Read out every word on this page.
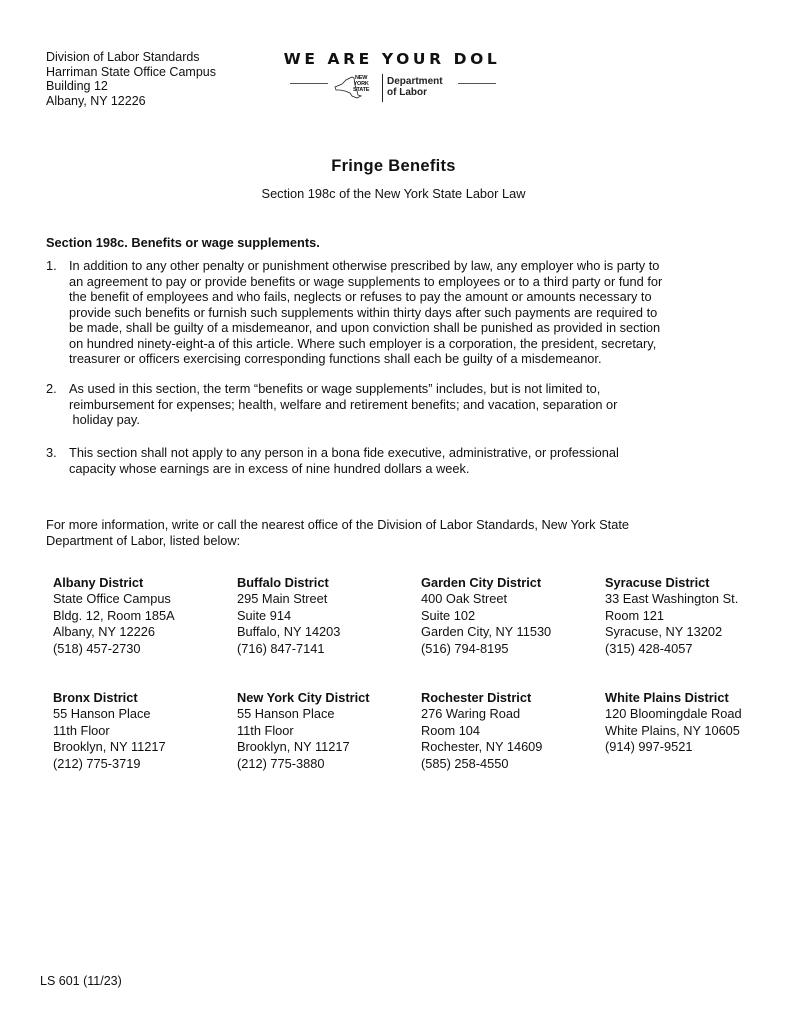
Division of Labor Standards
Harriman State Office Campus
Building 12
Albany, NY 12226
WE ARE YOUR DOL
NEW
YORK
STATE
Department
of Labor
Fringe Benefits
Section 198c of the New York State Labor Law
Section 198c. Benefits or wage supplements.
1. In addition to any other penalty or punishment otherwise prescribed by law, any employer who is party to
an agreement to pay or provide benefits or wage supplements to employees or to a third party or fund for
the benefit of employees and who fails, neglects or refuses to pay the amount or amounts necessary to
provide such benefits or furnish such supplements within thirty days after such payments are required to
be made, shall be guilty of a misdemeanor, and upon conviction shall be punished as provided in section
on hundred ninety-eight-a of this article. Where such employer is a corporation, the president, secretary,
treasurer or officers exercising corresponding functions shall each be guilty of a misdemeanor.
2. As used in this section, the term “benefits or wage supplements” includes, but is not limited to,
reimbursement for expenses; health, welfare and retirement benefits; and vacation, separation or
holiday pay.
3. This section shall not apply to any person in a bona fide executive, administrative, or professional
capacity whose earnings are in excess of nine hundred dollars a week.
For more information, write or call the nearest office of the Division of Labor Standards, New York State
Department of Labor, listed below:
Albany District
State Office Campus
Bldg. 12, Room 185A
Albany, NY 12226
(518) 457-2730
Buffalo District
295 Main Street
Suite 914
Buffalo, NY 14203
(716) 847-7141
Garden City District
400 Oak Street
Suite 102
Garden City, NY 11530
(516) 794-8195
Syracuse District
33 East Washington St.
Room 121
Syracuse, NY 13202
(315) 428-4057
Bronx District
55 Hanson Place
11th Floor
Brooklyn, NY 11217
(212) 775-3719
New York City District
55 Hanson Place
11th Floor
Brooklyn, NY 11217
(212) 775-3880
Rochester District
276 Waring Road
Room 104
Rochester, NY 14609
(585) 258-4550
White Plains District
120 Bloomingdale Road
White Plains, NY 10605
(914) 997-9521
LS 601 (11/23)
